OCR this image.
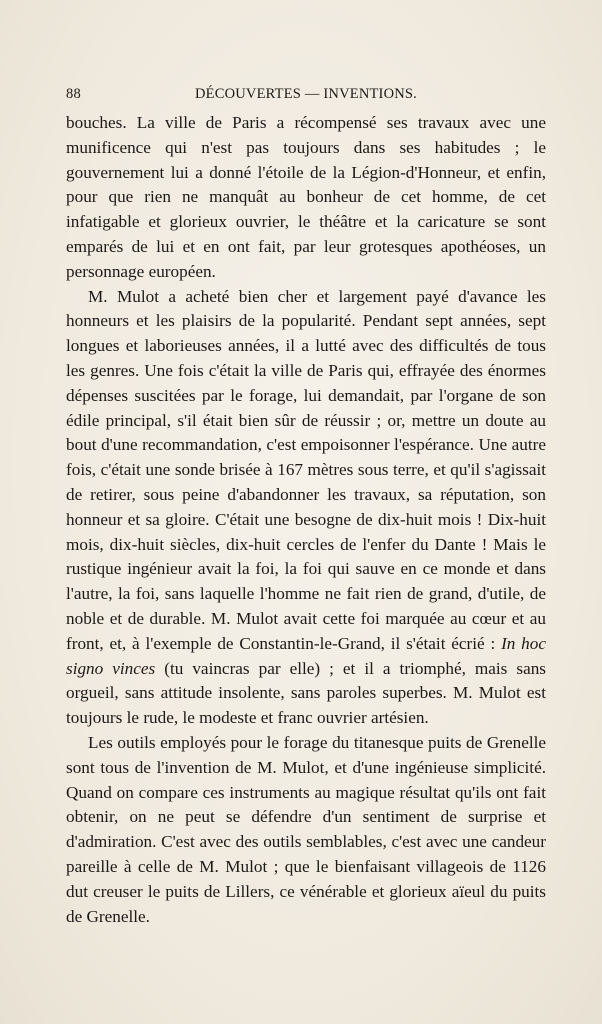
88	DÉCOUVERTES — INVENTIONS.

bouches. La ville de Paris a récompensé ses travaux avec une munificence qui n'est pas toujours dans ses habitudes ; le gouvernement lui a donné l'étoile de la Légion-d'Honneur, et enfin, pour que rien ne manquât au bonheur de cet homme, de cet infatigable et glorieux ouvrier, le théâtre et la caricature se sont emparés de lui et en ont fait, par leur grotesques apothéoses, un personnage européen.

M. Mulot a acheté bien cher et largement payé d'avance les honneurs et les plaisirs de la popularité. Pendant sept années, sept longues et laborieuses années, il a lutté avec des difficultés de tous les genres. Une fois c'était la ville de Paris qui, effrayée des énormes dépenses suscitées par le forage, lui demandait, par l'organe de son édile principal, s'il était bien sûr de réussir ; or, mettre un doute au bout d'une recommandation, c'est empoisonner l'espérance. Une autre fois, c'était une sonde brisée à 167 mètres sous terre, et qu'il s'agissait de retirer, sous peine d'abandonner les travaux, sa réputation, son honneur et sa gloire. C'était une besogne de dix-huit mois ! Dix-huit mois, dix-huit siècles, dix-huit cercles de l'enfer du Dante ! Mais le rustique ingénieur avait la foi, la foi qui sauve en ce monde et dans l'autre, la foi, sans laquelle l'homme ne fait rien de grand, d'utile, de noble et de durable. M. Mulot avait cette foi marquée au cœur et au front, et, à l'exemple de Constantin-le-Grand, il s'était écrié : In hoc signo vinces (tu vaincras par elle) ; et il a triomphé, mais sans orgueil, sans attitude insolente, sans paroles superbes. M. Mulot est toujours le rude, le modeste et franc ouvrier artésien.

Les outils employés pour le forage du titanesque puits de Grenelle sont tous de l'invention de M. Mulot, et d'une ingénieuse simplicité. Quand on compare ces instruments au magique résultat qu'ils ont fait obtenir, on ne peut se défendre d'un sentiment de surprise et d'admiration. C'est avec des outils semblables, c'est avec une candeur pareille à celle de M. Mulot ; que le bienfaisant villageois de 1126 dut creuser le puits de Lillers, ce vénérable et glorieux aïeul du puits de Grenelle.
